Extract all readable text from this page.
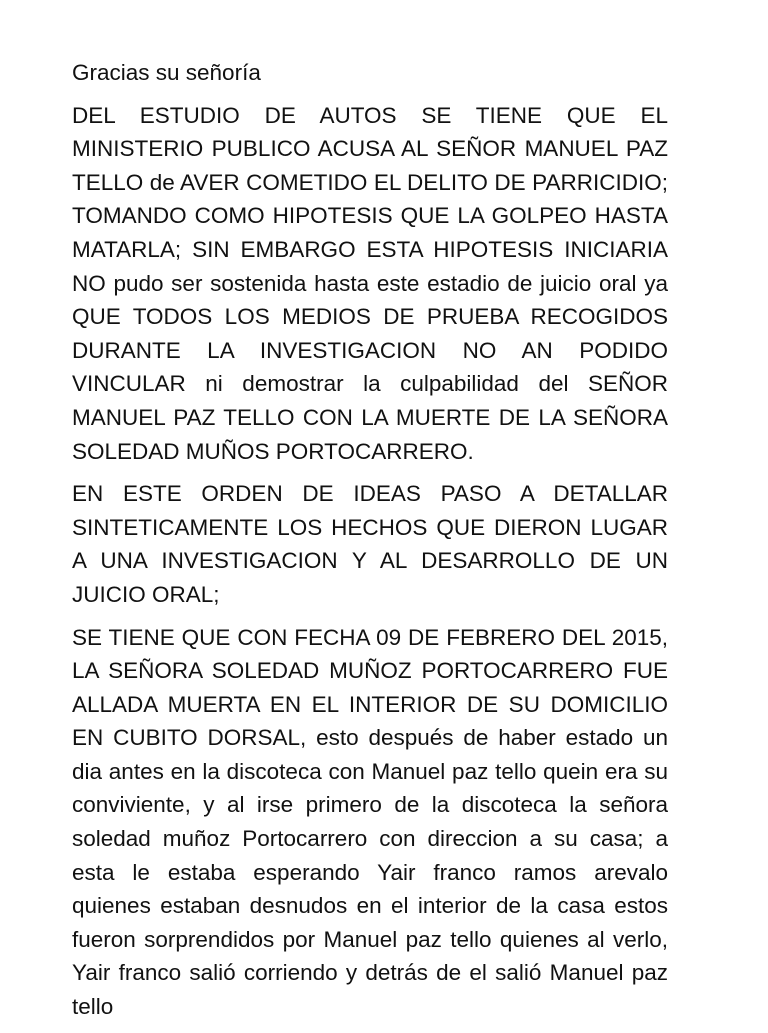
Gracias su señoría

DEL ESTUDIO DE AUTOS SE TIENE QUE EL MINISTERIO PUBLICO ACUSA AL SEÑOR MANUEL PAZ TELLO de AVER COMETIDO EL DELITO DE PARRICIDIO; TOMANDO COMO HIPOTESIS QUE LA GOLPEO HASTA MATARLA; SIN EMBARGO ESTA HIPOTESIS INICIARIA NO pudo ser sostenida hasta este estadio de juicio oral ya QUE TODOS LOS MEDIOS DE PRUEBA RECOGIDOS DURANTE LA INVESTIGACION NO AN PODIDO VINCULAR ni demostrar la culpabilidad del SEÑOR MANUEL PAZ TELLO CON LA MUERTE DE LA SEÑORA SOLEDAD MUÑOS PORTOCARRERO.

EN ESTE ORDEN DE IDEAS PASO A DETALLAR SINTETICAMENTE LOS HECHOS QUE DIERON LUGAR A UNA INVESTIGACION Y AL DESARROLLO DE UN JUICIO ORAL;

SE TIENE QUE CON FECHA 09 DE FEBRERO DEL 2015, LA SEÑORA SOLEDAD MUÑOZ PORTOCARRERO FUE ALLADA MUERTA EN EL INTERIOR DE SU DOMICILIO EN CUBITO DORSAL, esto después de haber estado un dia antes en la discoteca con Manuel paz tello quein era su conviviente, y al irse primero de la discoteca la señora soledad muñoz Portocarrero con direccion a su casa; a esta le estaba esperando Yair franco ramos arevalo quienes estaban desnudos en el interior de la casa estos fueron sorprendidos por Manuel paz tello quienes al verlo, Yair franco salió corriendo y detrás de el salió Manuel paz tello
